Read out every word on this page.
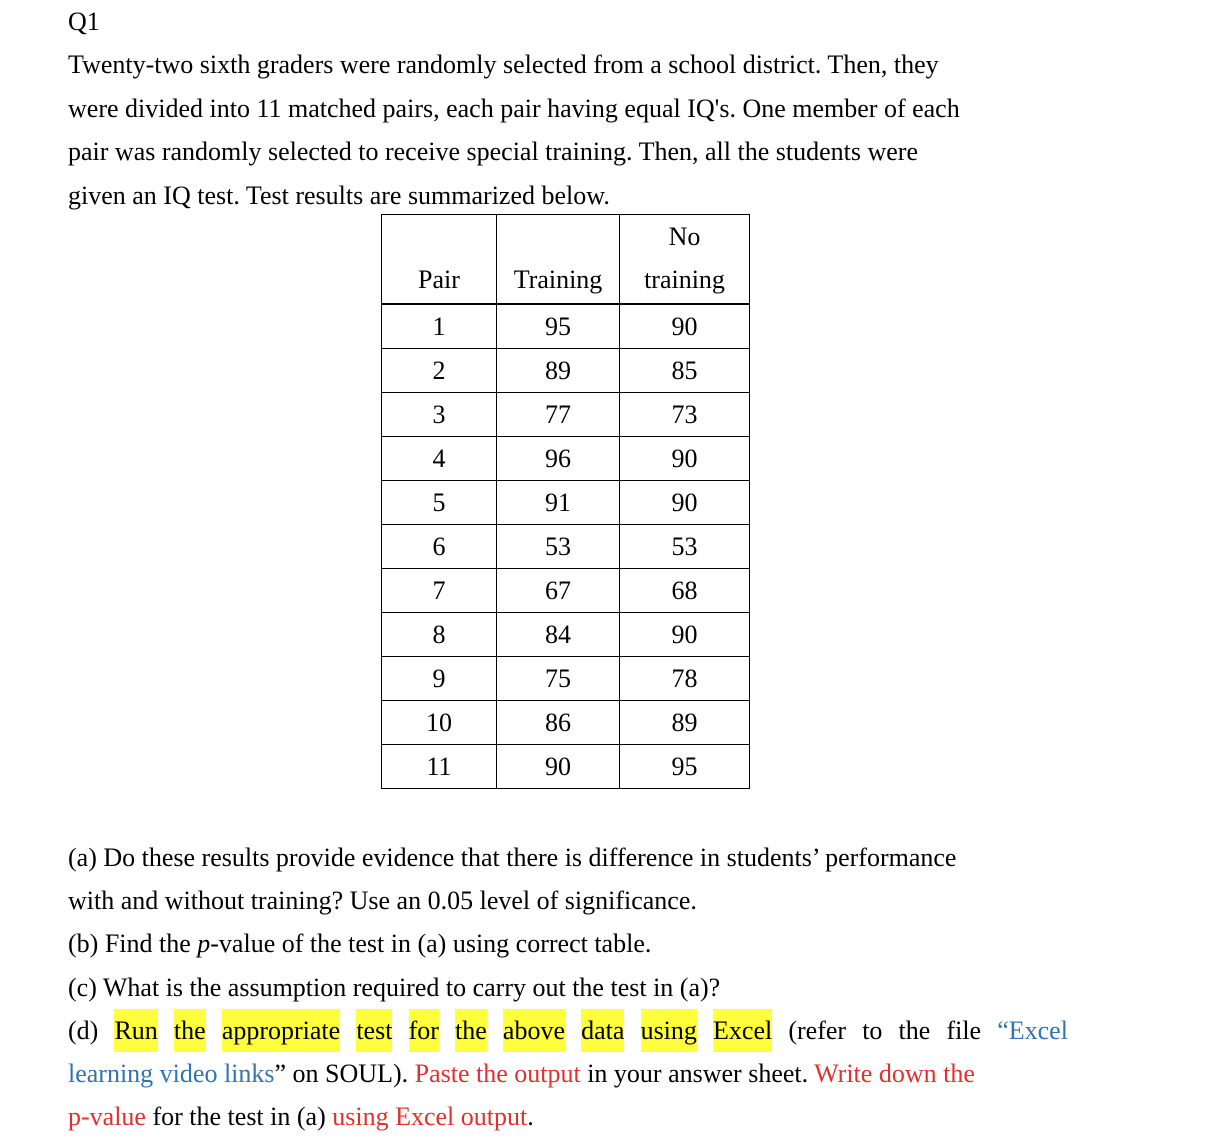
Q1
Twenty-two sixth graders were randomly selected from a school district. Then, they
were divided into 11 matched pairs, each pair having equal IQ's. One member of each
pair was randomly selected to receive special training. Then, all the students were
given an IQ test. Test results are summarized below.
Pair	Training	No
training

1	95	90
2	89	85
3	77	73
4	96	90
5	91	90
6	53	53
7	67	68
8	84	90
9	75	78
10	86	89
11	90	95
(a) Do these results provide evidence that there is difference in students’ performance
with and without training? Use an 0.05 level of significance.
(b) Find the p-value of the test in (a) using correct table.
(c) What is the assumption required to carry out the test in (a)?
(d) Run the appropriate test for the above data using Excel (refer to the file “Excel
learning video links” on SOUL). Paste the output in your answer sheet. Write down the
p-value for the test in (a) using Excel output.
